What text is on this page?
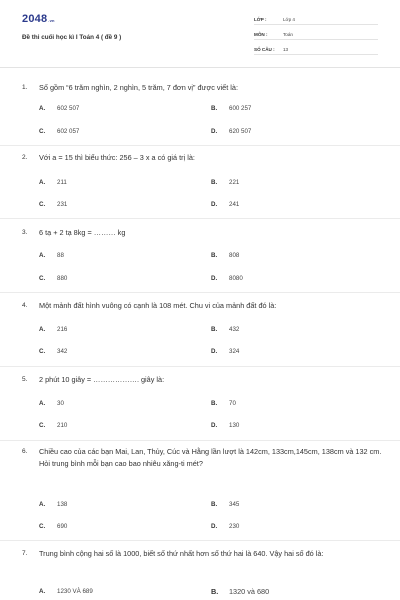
2048.vn
Đề thi cuối học kì I Toán 4 ( đề 9 )
LỚP :	Lớp 4
MÔN :	Toán
SỐ CÂU : 13
1. Số gồm “6 trăm nghìn, 2 nghìn, 5 trăm, 7 đơn vị” được viết là:
A. 602 507	B. 600 257
C. 602 057	D. 620 507
2. Với a = 15 thì biểu thức: 256 – 3 x a có giá trị là:
A. 211	B. 221
C. 231	D. 241
3. 6 tạ + 2 tạ 8kg = ……… kg
A. 88	B. 808
C. 880	D. 8080
4. Một mảnh đất hình vuông có cạnh là 108 mét. Chu vi của mảnh đất đó là:
A. 216	B. 432
C. 342	D. 324
5. 2 phút 10 giây = ………………. giây là:
A. 30	B. 70
C. 210	D. 130
6. Chiều cao của các bạn Mai, Lan, Thủy, Cúc và Hằng lần lượt là 142cm, 133cm,145cm, 138cm và 132 cm. Hỏi trung bình mỗi bạn cao bao nhiêu xăng-ti mét?
A. 138	B. 345
C. 690	D. 230
7. Trung bình cộng hai số là 1000, biết số thứ nhất hơn số thứ hai là 640. Vậy hai số đó là:
A. 1230 VÀ 689	B. 1320 và 680
